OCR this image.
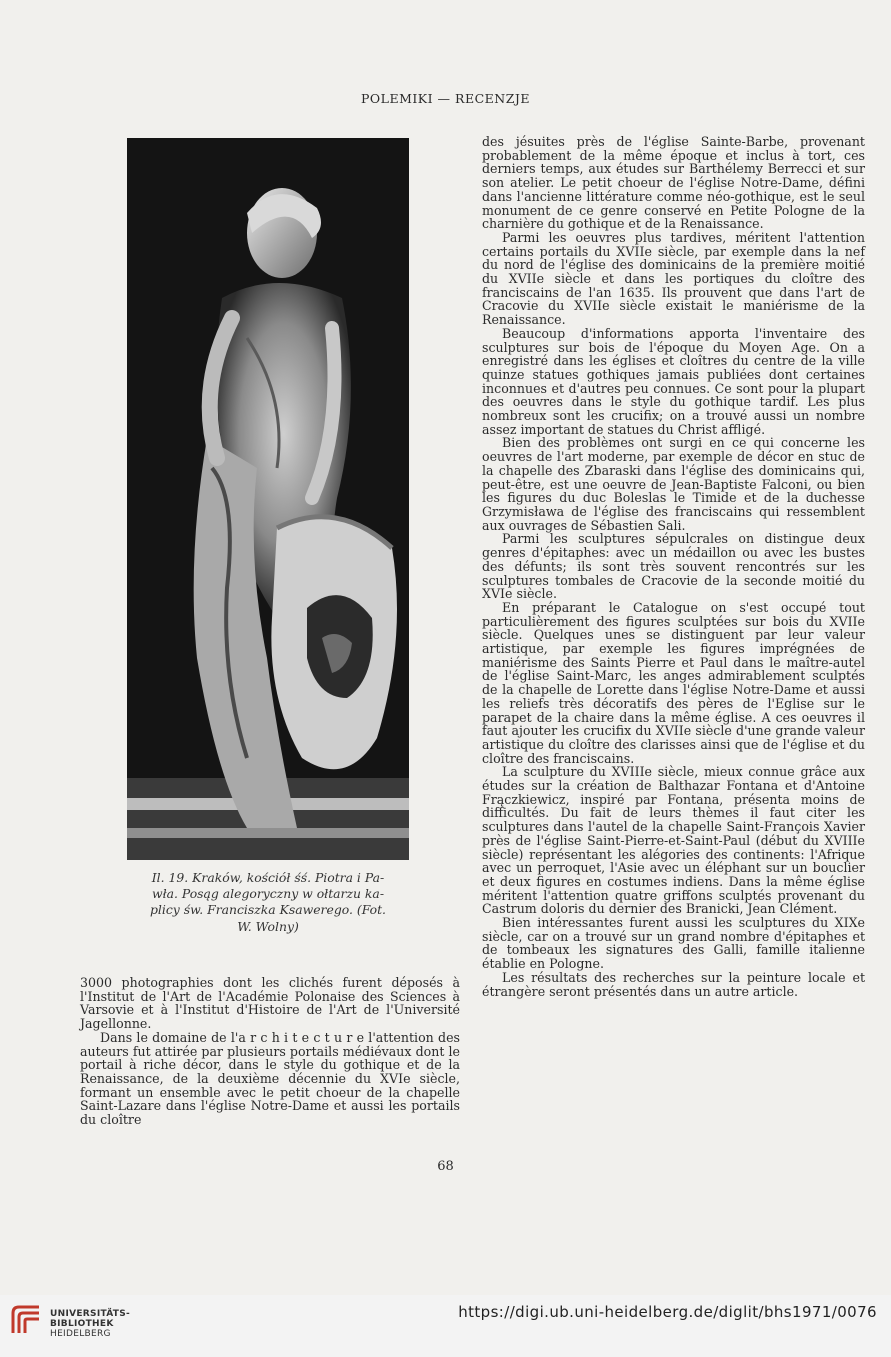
POLEMIKI — RECENZJE
Il. 19. Kraków, kościół śś. Piotra i Pa-
wła. Posąg alegoryczny w ołtarzu ka-
plicy św. Franciszka Ksawerego. (Fot.
W. Wolny)

3000 photographies dont les clichés furent déposés à l'Institut de l'Art de l'Académie Polonaise des Sciences à Varsovie et à l'Institut d'Histoire de l'Art de l'Université Jagellonne.

Dans le domaine de l'a r c h i t e c t u r e l'attention des auteurs fut attirée par plusieurs portails médiévaux dont le portail à riche décor, dans le style du gothique et de la Renaissance, de la deuxième décennie du XVIe siècle, formant un ensemble avec le petit choeur de la chapelle Saint-Lazare dans l'église Notre-Dame et aussi les portails du cloître

des jésuites près de l'église Sainte-Barbe, provenant probablement de la même époque et inclus à tort, ces derniers temps, aux études sur Barthélemy Berrecci et sur son atelier. Le petit choeur de l'église Notre-Dame, défini dans l'ancienne littérature comme néo-gothique, est le seul monument de ce genre conservé en Petite Pologne de la charnière du gothique et de la Renaissance.

Parmi les oeuvres plus tardives, méritent l'attention certains portails du XVIIe siècle, par exemple dans la nef du nord de l'église des dominicains de la première moitié du XVIIe siècle et dans les portiques du cloître des franciscains de l'an 1635. Ils prouvent que dans l'art de Cracovie du XVIIe siècle existait le maniérisme de la Renaissance.

Beaucoup d'informations apporta l'inventaire des sculptures sur bois de l'époque du Moyen Age. On a enregistré dans les églises et cloîtres du centre de la ville quinze statues gothiques jamais publiées dont certaines inconnues et d'autres peu connues. Ce sont pour la plupart des oeuvres dans le style du gothique tardif. Les plus nombreux sont les crucifix; on a trouvé aussi un nombre assez important de statues du Christ affligé.

Bien des problèmes ont surgi en ce qui concerne les oeuvres de l'art moderne, par exemple de décor en stuc de la chapelle des Zbaraski dans l'église des dominicains qui, peut-être, est une oeuvre de Jean-Baptiste Falconi, ou bien les figures du duc Boleslas le Timide et de la duchesse Grzymisława de l'église des franciscains qui ressemblent aux ouvrages de Sébastien Sali.

Parmi les sculptures sépulcrales on distingue deux genres d'épitaphes: avec un médaillon ou avec les bustes des défunts; ils sont très souvent rencontrés sur les sculptures tombales de Cracovie de la seconde moitié du XVIe siècle.

En préparant le Catalogue on s'est occupé tout particulièrement des figures sculptées sur bois du XVIIe siècle. Quelques unes se distinguent par leur valeur artistique, par exemple les figures imprégnées de maniérisme des Saints Pierre et Paul dans le maître-autel de l'église Saint-Marc, les anges admirablement sculptés de la chapelle de Lorette dans l'église Notre-Dame et aussi les reliefs très décoratifs des pères de l'Eglise sur le parapet de la chaire dans la même église. A ces oeuvres il faut ajouter les crucifix du XVIIe siècle d'une grande valeur artistique du cloître des clarisses ainsi que de l'église et du cloître des franciscains.

La sculpture du XVIIIe siècle, mieux connue grâce aux études sur la création de Balthazar Fontana et d'Antoine Frączkiewicz, inspiré par Fontana, présenta moins de difficultés. Du fait de leurs thèmes il faut citer les sculptures dans l'autel de la chapelle Saint-François Xavier près de l'église Saint-Pierre-et-Saint-Paul (début du XVIIIe siècle) représentant les alégories des continents: l'Afrique avec un perroquet, l'Asie avec un éléphant sur un bouclier et deux figures en costumes indiens. Dans la même église méritent l'attention quatre griffons sculptés provenant du Castrum doloris du dernier des Branicki, Jean Clément.

Bien intéressantes furent aussi les sculptures du XIXe siècle, car on a trouvé sur un grand nombre d'épitaphes et de tombeaux les signatures des Galli, famille italienne établie en Pologne.

Les résultats des recherches sur la peinture locale et étrangère seront présentés dans un autre article.

68
UNIVERSITÄTS-
BIBLIOTHEK
HEIDELBERG
https://digi.ub.uni-heidelberg.de/diglit/bhs1971/0076
